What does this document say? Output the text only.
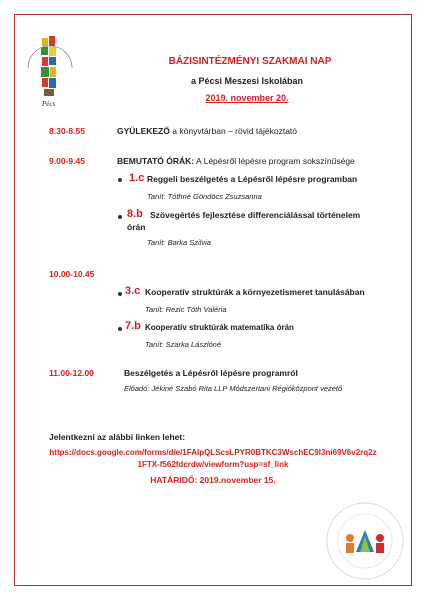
Pécs
BÁZISINTÉZMÉNYI SZAKMAI NAP
a Pécsi Meszesi Iskolában
2019. november 20.
8.30-8.55	GYÜLEKEZŐ a könyvtárban – rövid tájékoztató
9.00-9.45	BEMUTATÓ ÓRÁK: A Lépésről lépésre program sokszínűsége
1.c Reggeli beszélgetés a Lépésről lépésre programban
Tanít: Tóthné Göndöcs Zsuzsanna
8.b Szövegértés fejlesztése differenciálással történelem
órán
Tanít: Barka Szilvia
10.00-10.45
3.c Kooperatív struktúrák a környezetismeret tanulásában
Tanít: Rezic Tóth Valéria
7.b Kooperatív struktúrák matematika órán
Tanít: Szarka Lászlóné
11.00-12.00	Beszélgetés a Lépésről lépésre programról
Előadó: Jékiné Szabó Rita LLP Módszertani Régióközpont vezető
Jelentkezni az alábbi linken lehet:
https://docs.google.com/forms/d/e/1FAIpQLScsLPYR0BTKC3WschEC9l3ni69V6v2rq2z
1FTX-f562fdcrdw/viewform?usp=sf_link
HATÁRIDŐ: 2019.november 15.
